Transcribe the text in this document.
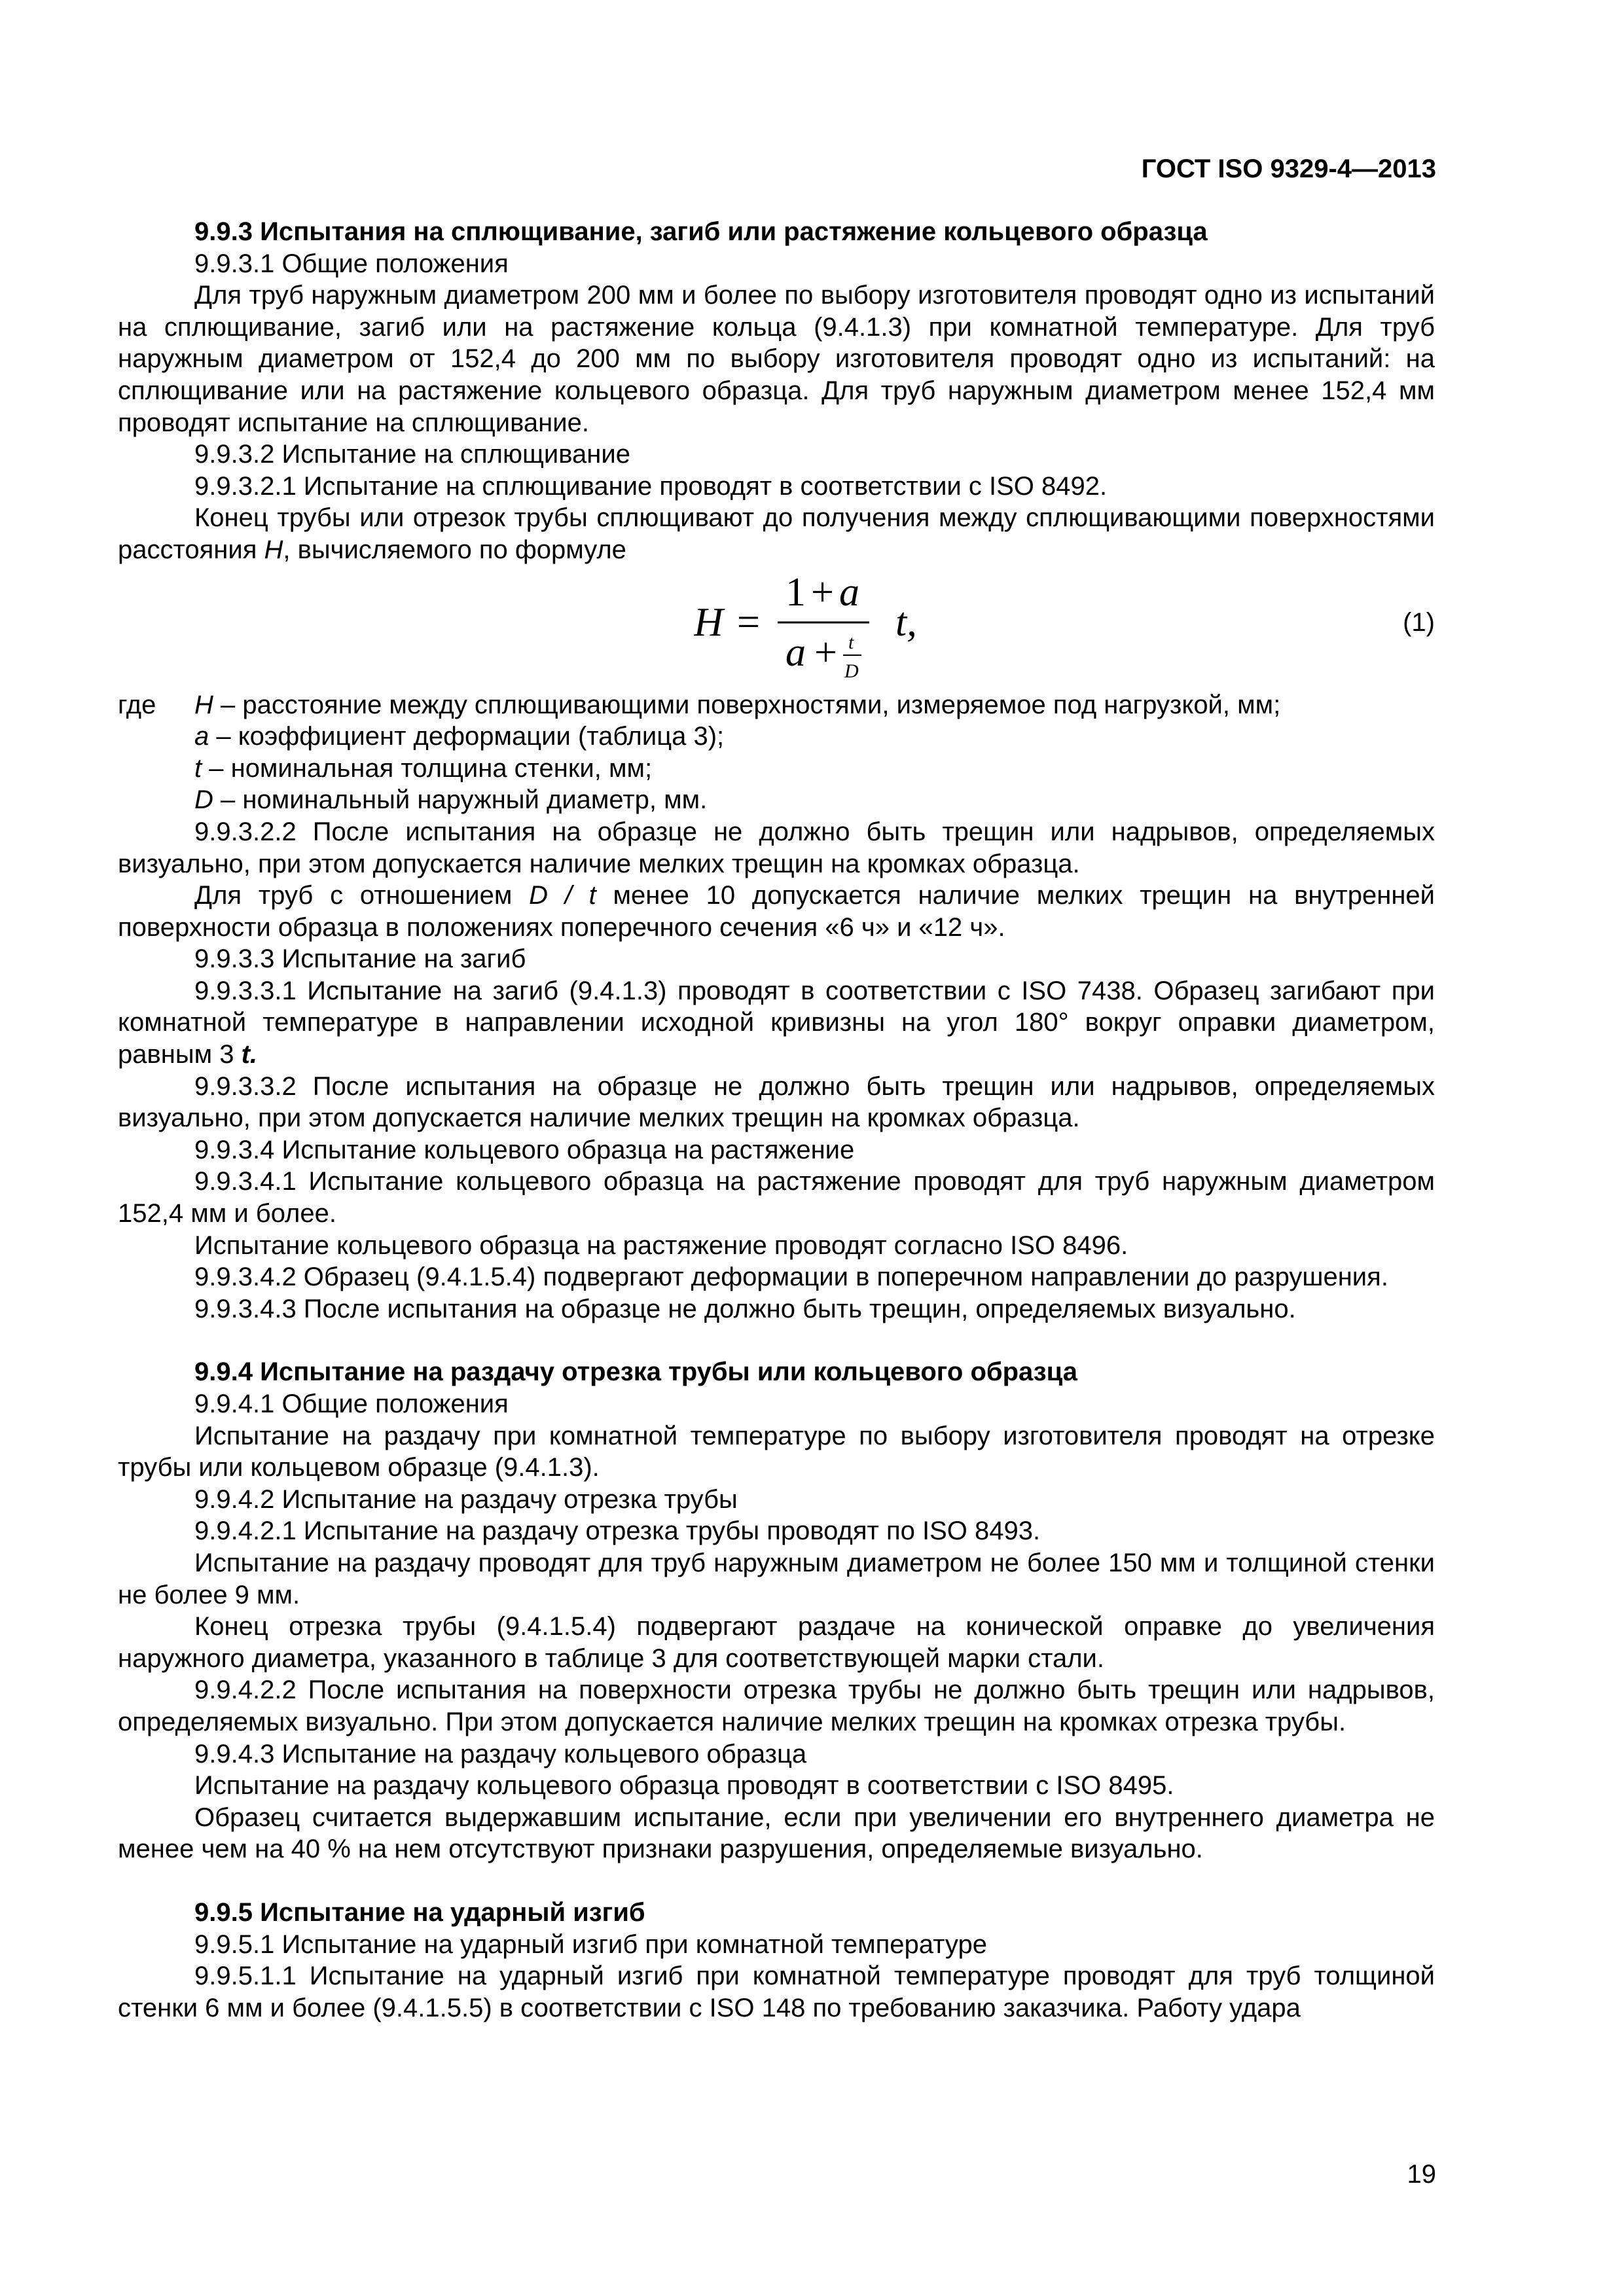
ГОСТ ISO 9329-4—2013

9.9.3 Испытания на сплющивание, загиб или растяжение кольцевого образца

9.9.3.1 Общие положения

Для труб наружным диаметром 200 мм и более по выбору изготовителя проводят одно из испытаний на сплющивание, загиб или на растяжение кольца (9.4.1.3) при комнатной температуре. Для труб наружным диаметром от 152,4 до 200 мм по выбору изготовителя проводят одно из испытаний: на сплющивание или на растяжение кольцевого образца. Для труб наружным диаметром менее 152,4 мм проводят испытание на сплющивание.

9.9.3.2 Испытание на сплющивание

9.9.3.2.1 Испытание на сплющивание проводят в соответствии с ISO 8492.

Конец трубы или отрезок трубы сплющивают до получения между сплющивающими поверхностями расстояния H, вычисляемого по формуле

H =
1 + a
a + t
D
t,	(1)
где	H – расстояние между сплющивающими поверхностями, измеряемое под нагрузкой, мм;
	a – коэффициент деформации (таблица 3);
	t – номинальная толщина стенки, мм;
	D – номинальный наружный диаметр, мм.

9.9.3.2.2 После испытания на образце не должно быть трещин или надрывов, определяемых визуально, при этом допускается наличие мелких трещин на кромках образца.

Для труб с отношением D / t менее 10 допускается наличие мелких трещин на внутренней поверхности образца в положениях поперечного сечения «6 ч» и «12 ч».

9.9.3.3 Испытание на загиб

9.9.3.3.1 Испытание на загиб (9.4.1.3) проводят в соответствии с ISO 7438. Образец загибают при комнатной температуре в направлении исходной кривизны на угол 180° вокруг оправки диаметром, равным 3 t.

9.9.3.3.2 После испытания на образце не должно быть трещин или надрывов, определяемых визуально, при этом допускается наличие мелких трещин на кромках образца.

9.9.3.4 Испытание кольцевого образца на растяжение

9.9.3.4.1 Испытание кольцевого образца на растяжение проводят для труб наружным диаметром 152,4 мм и более.

Испытание кольцевого образца на растяжение проводят согласно ISO 8496.

9.9.3.4.2 Образец (9.4.1.5.4) подвергают деформации в поперечном направлении до разрушения.

9.9.3.4.3 После испытания на образце не должно быть трещин, определяемых визуально.

9.9.4 Испытание на раздачу отрезка трубы или кольцевого образца

9.9.4.1 Общие положения

Испытание на раздачу при комнатной температуре по выбору изготовителя проводят на отрезке трубы или кольцевом образце (9.4.1.3).

9.9.4.2 Испытание на раздачу отрезка трубы

9.9.4.2.1 Испытание на раздачу отрезка трубы проводят по ISO 8493.

Испытание на раздачу проводят для труб наружным диаметром не более 150 мм и толщиной стенки не более 9 мм.

Конец отрезка трубы (9.4.1.5.4) подвергают раздаче на конической оправке до увеличения наружного диаметра, указанного в таблице 3 для соответствующей марки стали.

9.9.4.2.2 После испытания на поверхности отрезка трубы не должно быть трещин или надрывов, определяемых визуально. При этом допускается наличие мелких трещин на кромках отрезка трубы.

9.9.4.3 Испытание на раздачу кольцевого образца

Испытание на раздачу кольцевого образца проводят в соответствии с ISO 8495.

Образец считается выдержавшим испытание, если при увеличении его внутреннего диаметра не менее чем на 40 % на нем отсутствуют признаки разрушения, определяемые визуально.

9.9.5 Испытание на ударный изгиб

9.9.5.1 Испытание на ударный изгиб при комнатной температуре

9.9.5.1.1 Испытание на ударный изгиб при комнатной температуре проводят для труб толщиной стенки 6 мм и более (9.4.1.5.5) в соответствии с ISO 148 по требованию заказчика. Работу удара

19
